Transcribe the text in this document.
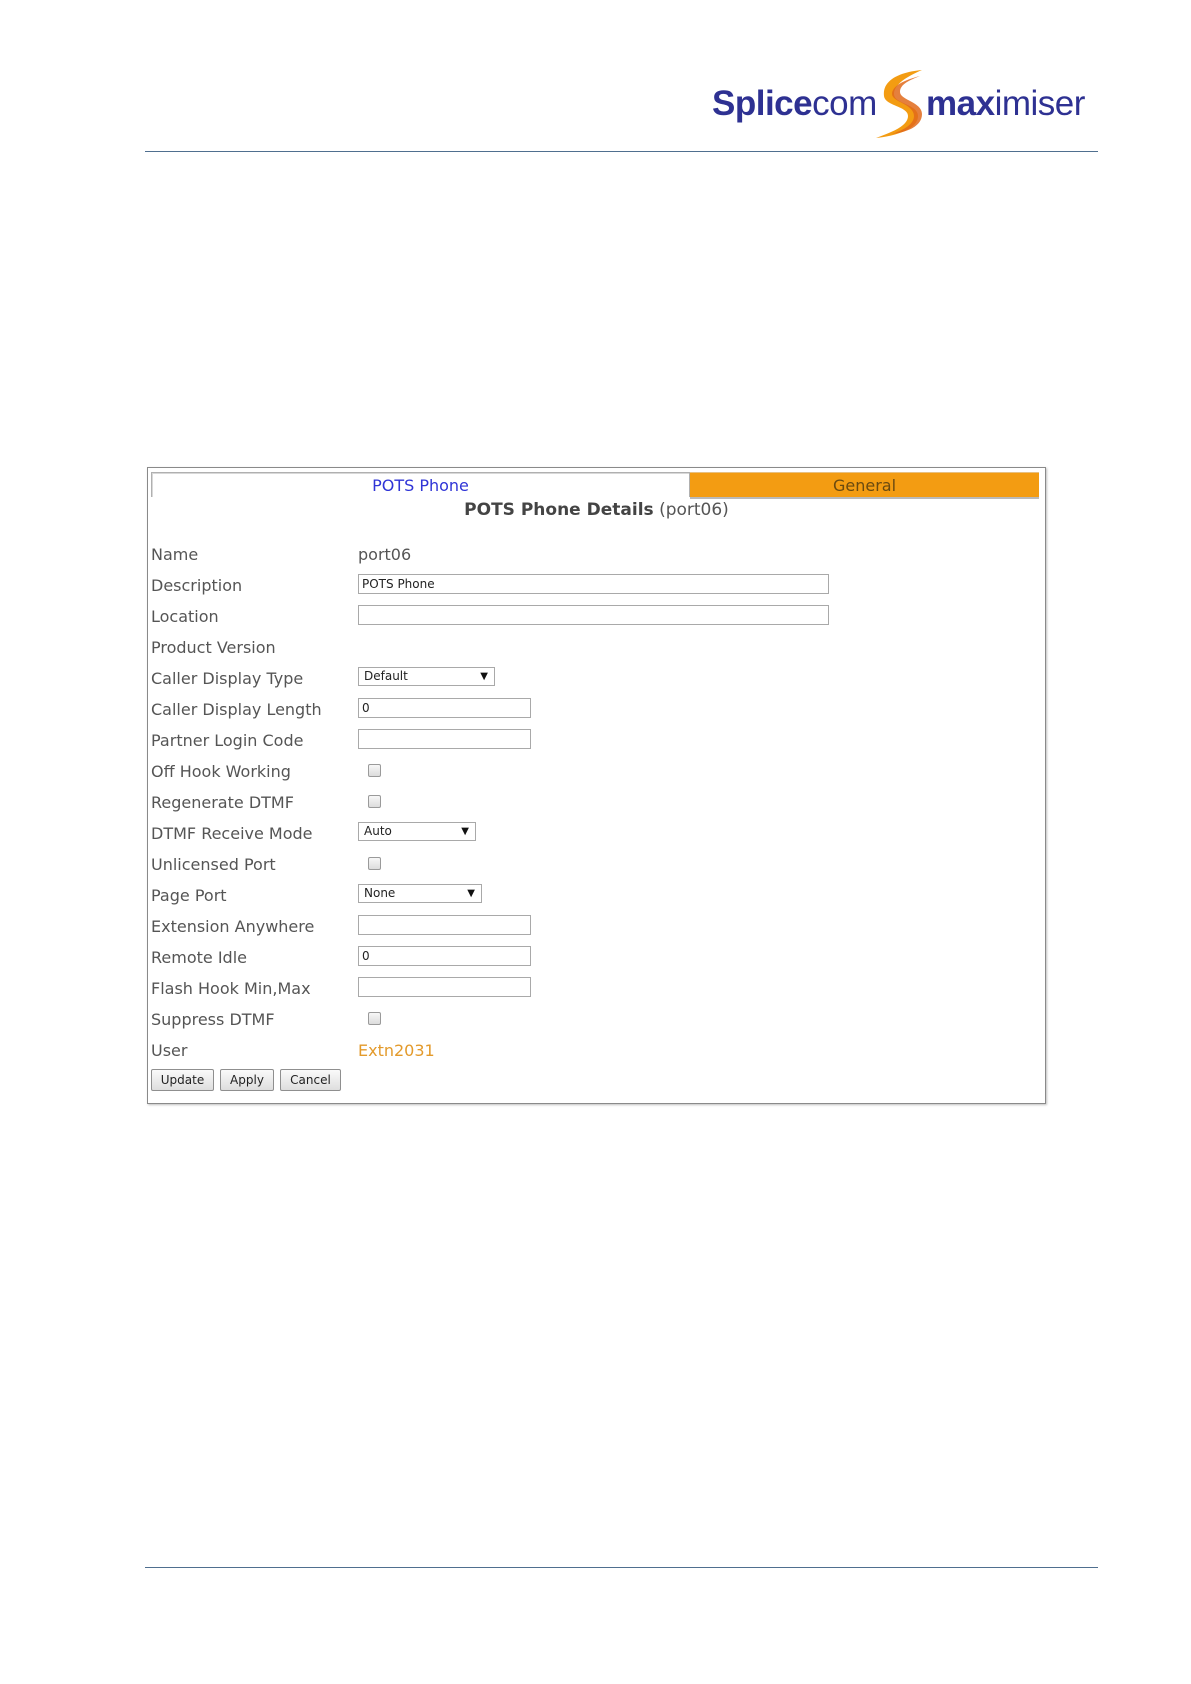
Splicecom maximiser
POTS Phone	General
POTS Phone Details (port06)
Name	port06
Description	POTS Phone
Location
Product Version
Caller Display Type	Default	▼
Caller Display Length	0
Partner Login Code
Off Hook Working
Regenerate DTMF
DTMF Receive Mode	Auto	▼
Unlicensed Port
Page Port	None	▼
Extension Anywhere
Remote Idle	0
Flash Hook Min,Max
Suppress DTMF
User	Extn2031
Update	Apply	Cancel
